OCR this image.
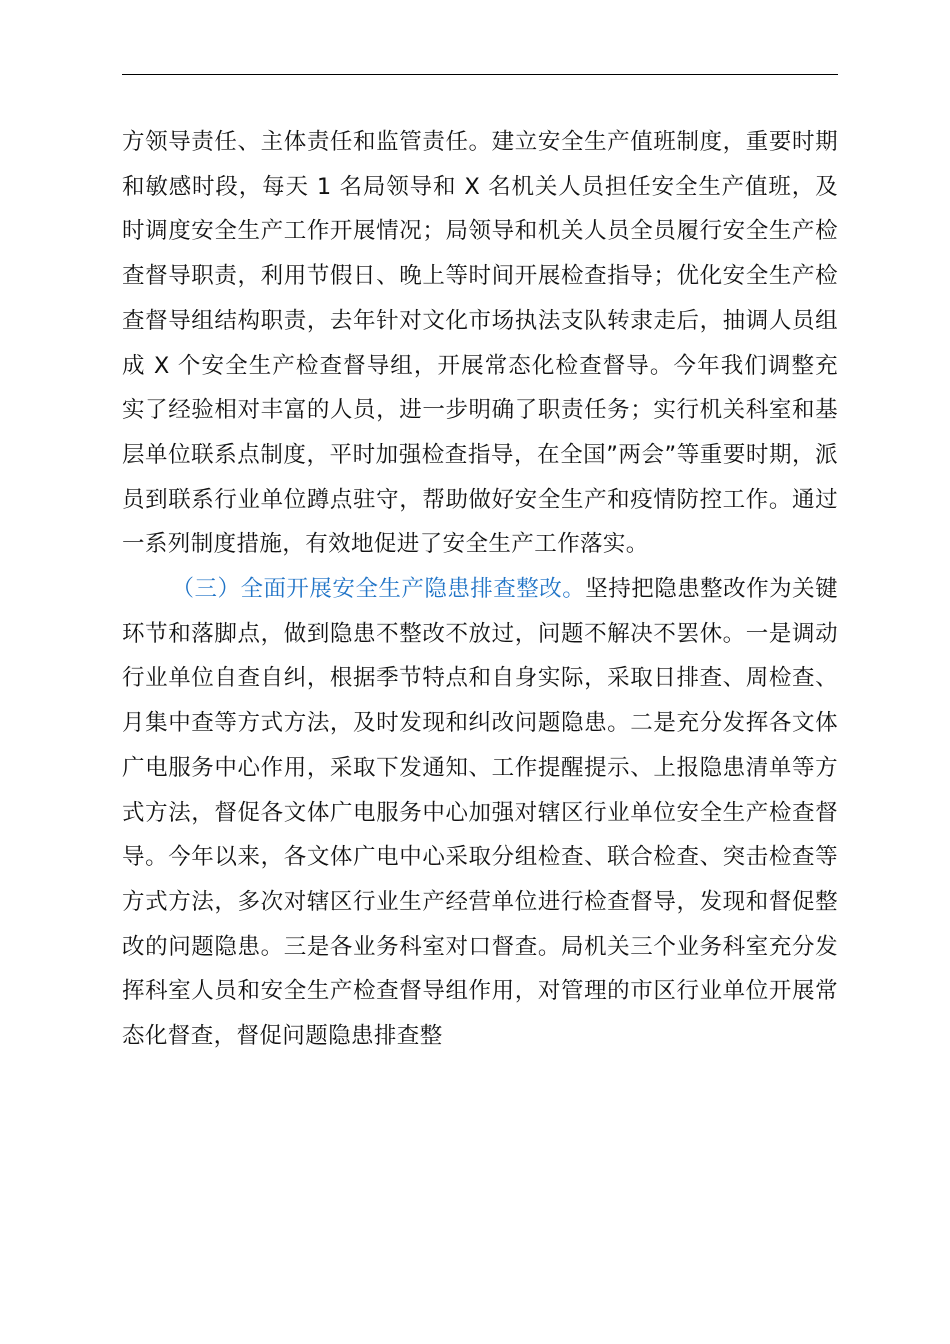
方领导责任、主体责任和监管责任。建立安全生产值班制度，重要时期和敏感时段，每天 1 名局领导和 X 名机关人员担任安全生产值班，及时调度安全生产工作开展情况；局领导和机关人员全员履行安全生产检查督导职责，利用节假日、晚上等时间开展检查指导；优化安全生产检查督导组结构职责，去年针对文化市场执法支队转隶走后，抽调人员组成 X 个安全生产检查督导组，开展常态化检查督导。今年我们调整充实了经验相对丰富的人员，进一步明确了职责任务；实行机关科室和基层单位联系点制度，平时加强检查指导，在全国”两会”等重要时期，派员到联系行业单位蹲点驻守，帮助做好安全生产和疫情防控工作。通过一系列制度措施，有效地促进了安全生产工作落实。

（三）全面开展安全生产隐患排查整改。坚持把隐患整改作为关键环节和落脚点，做到隐患不整改不放过，问题不解决不罢休。一是调动行业单位自查自纠，根据季节特点和自身实际，采取日排查、周检查、月集中查等方式方法，及时发现和纠改问题隐患。二是充分发挥各文体广电服务中心作用，采取下发通知、工作提醒提示、上报隐患清单等方式方法，督促各文体广电服务中心加强对辖区行业单位安全生产检查督导。今年以来，各文体广电中心采取分组检查、联合检查、突击检查等方式方法，多次对辖区行业生产经营单位进行检查督导，发现和督促整改的问题隐患。三是各业务科室对口督查。局机关三个业务科室充分发挥科室人员和安全生产检查督导组作用，对管理的市区行业单位开展常态化督查，督促问题隐患排查整
